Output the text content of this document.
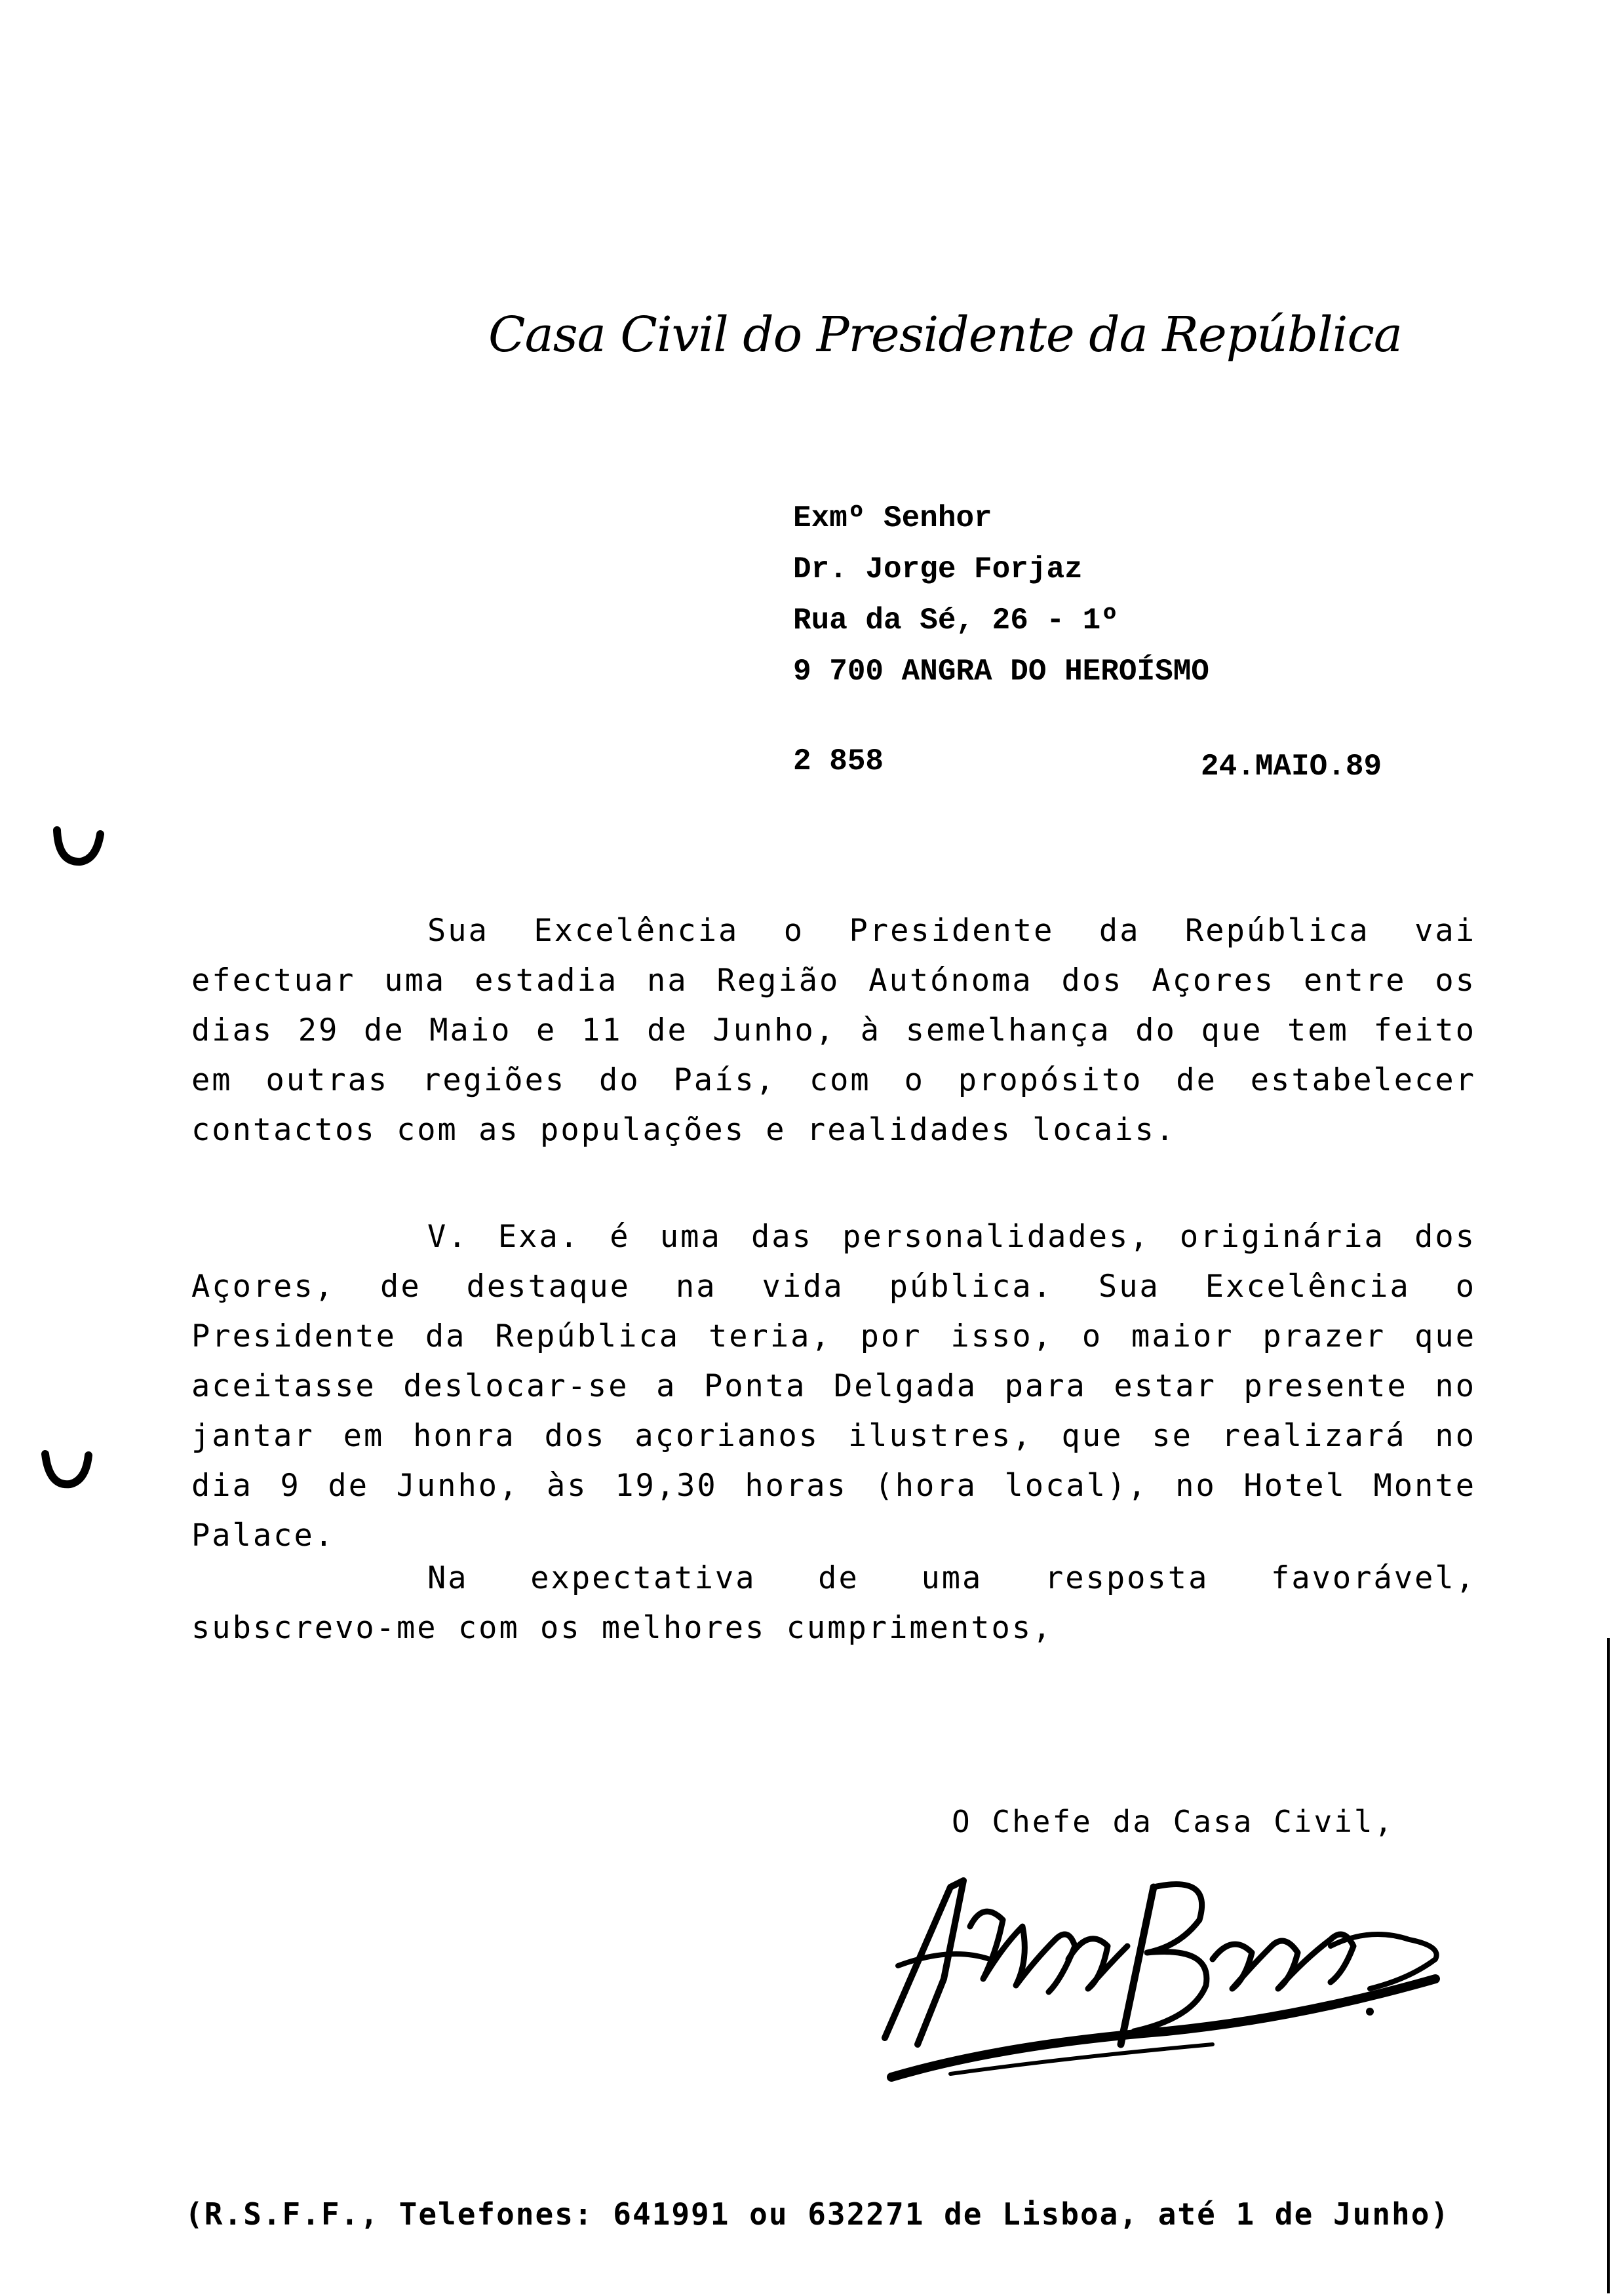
Casa Civil do Presidente da República
Exmº Senhor
Dr. Jorge Forjaz
Rua da Sé, 26 - 1º
9 700 ANGRA DO HEROÍSMO
2 858	24.MAIO.89
Sua Excelência o Presidente da República vai efectuar uma estadia na Região Autónoma dos Açores entre os dias 29 de Maio e 11 de Junho, à semelhança do que tem feito em outras regiões do País, com o propósito de estabelecer contactos com as populações e realidades locais.
V. Exa. é uma das personalidades, originária dos Açores, de destaque na vida pública. Sua Excelência o Presidente da República teria, por isso, o maior prazer que aceitasse deslocar-se a Ponta Delgada para estar presente no jantar em honra dos açorianos ilustres, que se realizará no dia 9 de Junho, às 19,30 horas (hora local), no Hotel Monte Palace.
Na expectativa de uma resposta favorável, subscrevo-me com os melhores cumprimentos,
O Chefe da Casa Civil,
(R.S.F.F., Telefones: 641991 ou 632271 de Lisboa, até 1 de Junho)
